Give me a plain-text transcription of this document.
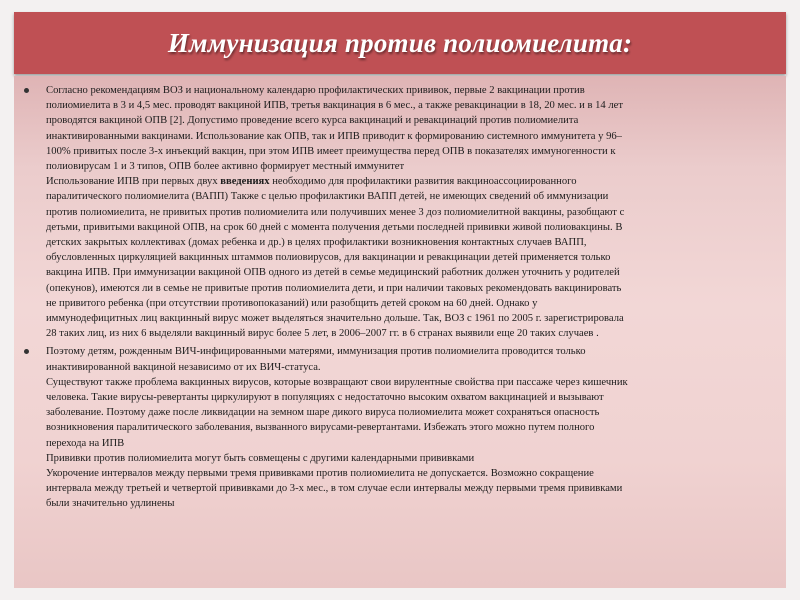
Иммунизация против полиомиелита:

Согласно рекомендациям ВОЗ и национальному календарю профилактических прививок, первые 2 вакцинации против
полиомиелита в 3 и 4,5 мес. проводят вакциной ИПВ, третья вакцинация в 6 мес., а также ревакцинации в 18, 20 мес. и в 14 лет
проводятся вакциной ОПВ [2]. Допустимо проведение всего курса вакцинаций и ревакцинаций против полиомиелита
инактивированными вакцинами. Использование как ОПВ, так и ИПВ приводит к формированию системного иммунитета у 96–
100% привитых после 3-х инъекций вакцин, при этом ИПВ имеет преимущества перед ОПВ в показателях иммуногенности к
полиовирусам 1 и 3 типов, ОПВ более активно формирует местный иммунитет
Использование ИПВ при первых двух введениях необходимо для профилактики развития вакциноассоциированного
паралитического полиомиелита (ВАПП) Также с целью профилактики ВАПП детей, не имеющих сведений об иммунизации
против полиомиелита, не привитых против полиомиелита или получивших менее 3 доз полиомиелитной вакцины, разобщают с
детьми, привитыми вакциной ОПВ, на срок 60 дней с момента получения детьми последней прививки живой полиовакцины. В
детских закрытых коллективах (домах ребенка и др.) в целях профилактики возникновения контактных случаев ВАПП,
обусловленных циркуляцией вакцинных штаммов полиовирусов, для вакцинации и ревакцинации детей применяется только
вакцина ИПВ. При иммунизации вакциной ОПВ одного из детей в семье медицинский работник должен уточнить у родителей
(опекунов), имеются ли в семье не привитые против полиомиелита дети, и при наличии таковых рекомендовать вакцинировать
не привитого ребенка (при отсутствии противопоказаний) или разобщить детей сроком на 60 дней. Однако у
иммунодефицитных лиц вакцинный вирус может выделяться значительно дольше. Так, ВОЗ с 1961 по 2005 г. зарегистрировала
28 таких лиц, из них 6 выделяли вакцинный вирус более 5 лет, в 2006–2007 гг. в 6 странах выявили еще 20 таких случаев .

Поэтому детям, рожденным ВИЧ-инфицированными матерями, иммунизация против полиомиелита проводится только
инактивированной вакциной независимо от их ВИЧ-статуса.
Существуют также проблема вакцинных вирусов, которые возвращают свои вирулентные свойства при пассаже через кишечник
человека. Такие вирусы-ревертанты циркулируют в популяциях с недостаточно высоким охватом вакцинацией и вызывают
заболевание. Поэтому даже после ликвидации на земном шаре дикого вируса полиомиелита может сохраняться опасность
возникновения паралитического заболевания, вызванного вирусами-ревертантами. Избежать этого можно путем полного
перехода на ИПВ
Прививки против полиомиелита могут быть совмещены с другими календарными прививками
Укорочение интервалов между первыми тремя прививками против полиомиелита не допускается. Возможно сокращение
интервала между третьей и четвертой прививками до 3-х мес., в том случае если интервалы между первыми тремя прививками
были значительно удлинены
